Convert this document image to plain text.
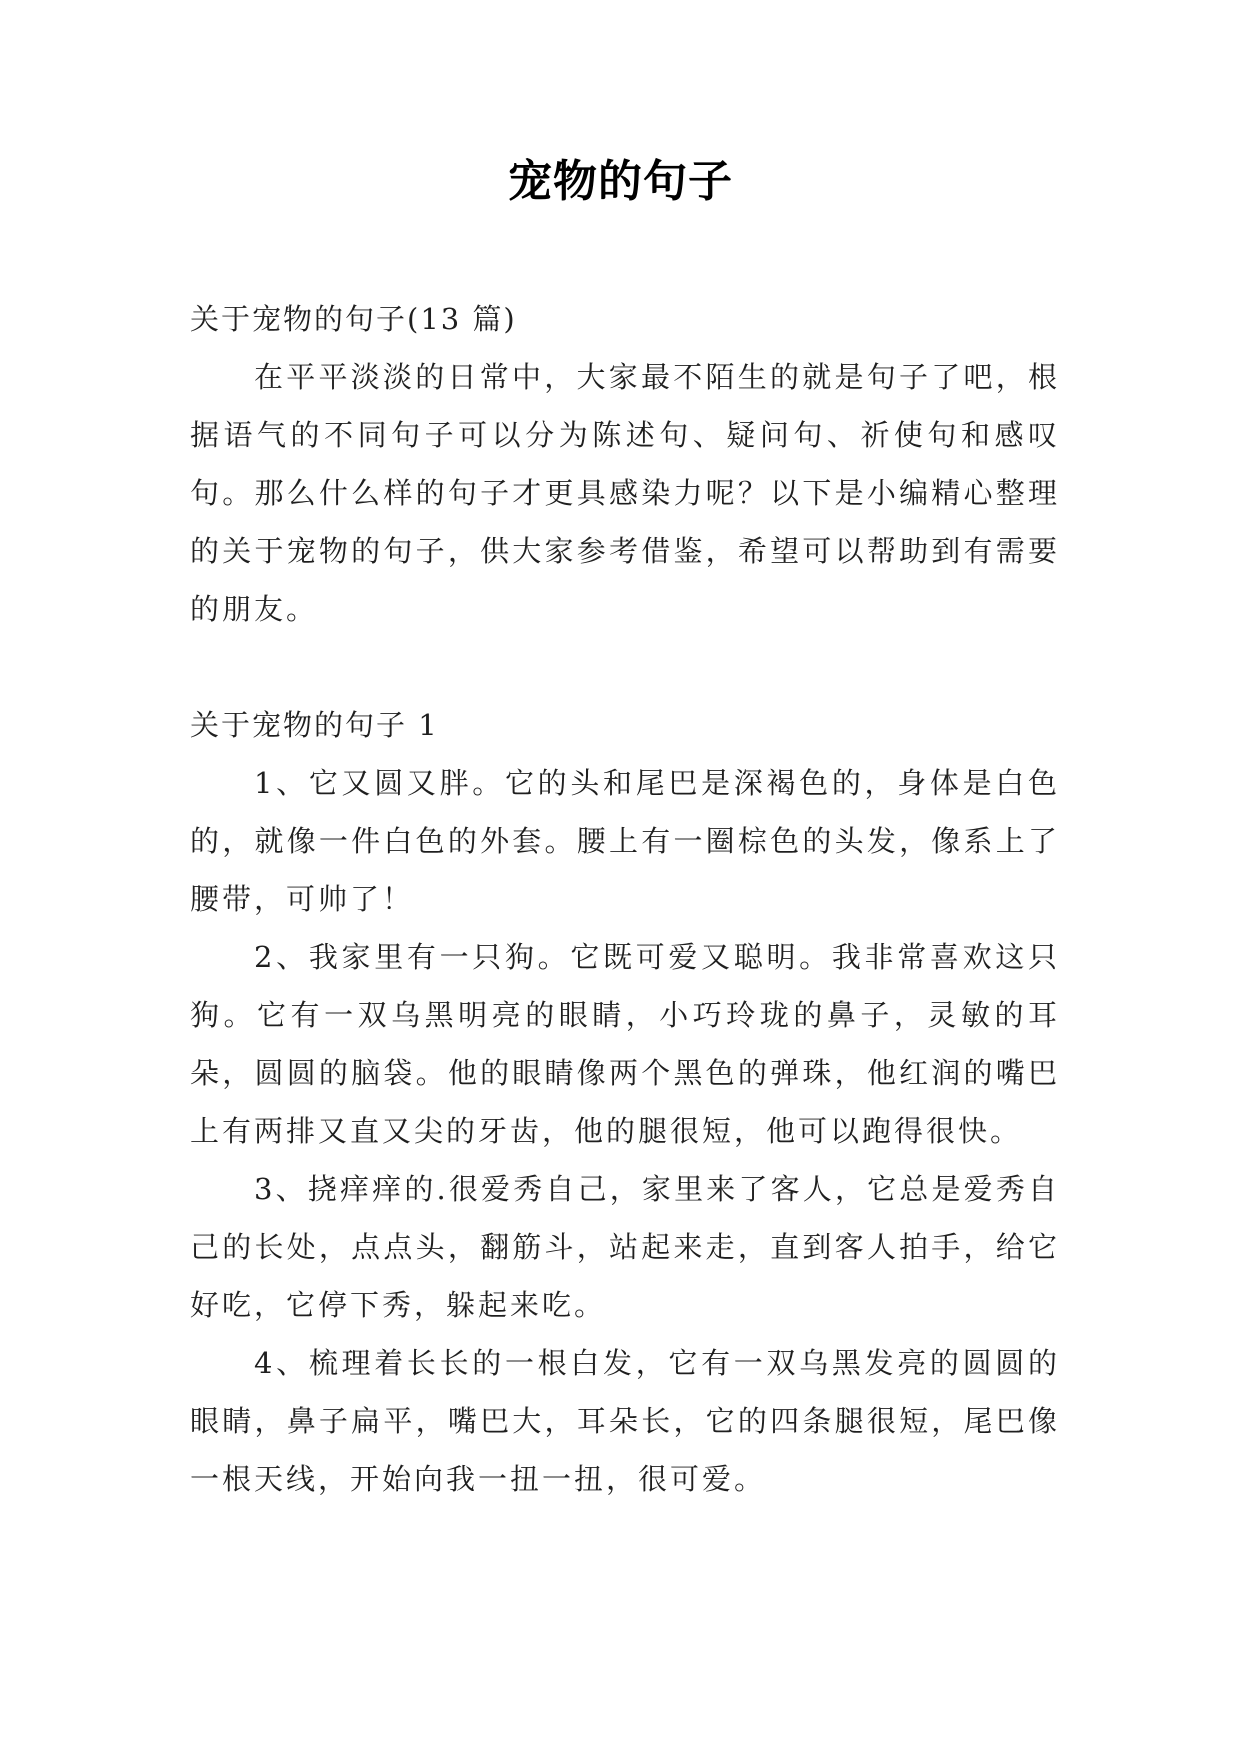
宠物的句子

关于宠物的句子(13 篇)

在平平淡淡的日常中，大家最不陌生的就是句子了吧，根据语气的不同句子可以分为陈述句、疑问句、祈使句和感叹句。那么什么样的句子才更具感染力呢？以下是小编精心整理的关于宠物的句子，供大家参考借鉴，希望可以帮助到有需要的朋友。

关于宠物的句子 1

1、它又圆又胖。它的头和尾巴是深褐色的，身体是白色的，就像一件白色的外套。腰上有一圈棕色的头发，像系上了腰带，可帅了！

2、我家里有一只狗。它既可爱又聪明。我非常喜欢这只狗。它有一双乌黑明亮的眼睛，小巧玲珑的鼻子，灵敏的耳朵，圆圆的脑袋。他的眼睛像两个黑色的弹珠，他红润的嘴巴上有两排又直又尖的牙齿，他的腿很短，他可以跑得很快。

3、挠痒痒的.很爱秀自己，家里来了客人，它总是爱秀自己的长处，点点头，翻筋斗，站起来走，直到客人拍手，给它好吃，它停下秀，躲起来吃。

4、梳理着长长的一根白发，它有一双乌黑发亮的圆圆的眼睛，鼻子扁平，嘴巴大，耳朵长，它的四条腿很短，尾巴像一根天线，开始向我一扭一扭，很可爱。
